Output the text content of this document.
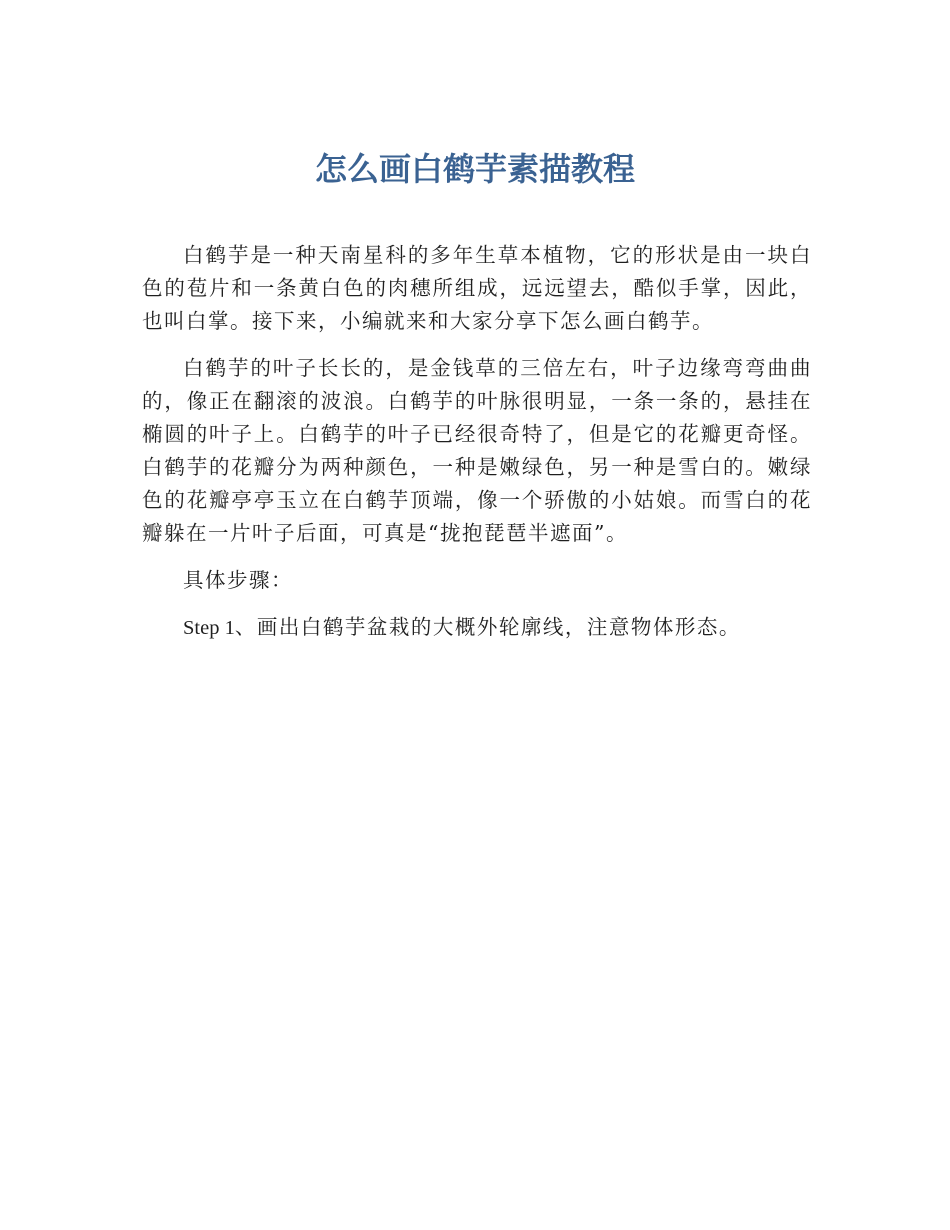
怎么画白鹤芋素描教程

白鹤芋是一种天南星科的多年生草本植物，它的形状是由一块白色的苞片和一条黄白色的肉穗所组成，远远望去，酷似手掌，因此，也叫白掌。接下来，小编就来和大家分享下怎么画白鹤芋。

白鹤芋的叶子长长的，是金钱草的三倍左右，叶子边缘弯弯曲曲的，像正在翻滚的波浪。白鹤芋的叶脉很明显，一条一条的，悬挂在椭圆的叶子上。白鹤芋的叶子已经很奇特了，但是它的花瓣更奇怪。白鹤芋的花瓣分为两种颜色，一种是嫩绿色，另一种是雪白的。嫩绿色的花瓣亭亭玉立在白鹤芋顶端，像一个骄傲的小姑娘。而雪白的花瓣躲在一片叶子后面，可真是“拢抱琵琶半遮面”。

具体步骤：

Step 1、画出白鹤芋盆栽的大概外轮廓线，注意物体形态。
